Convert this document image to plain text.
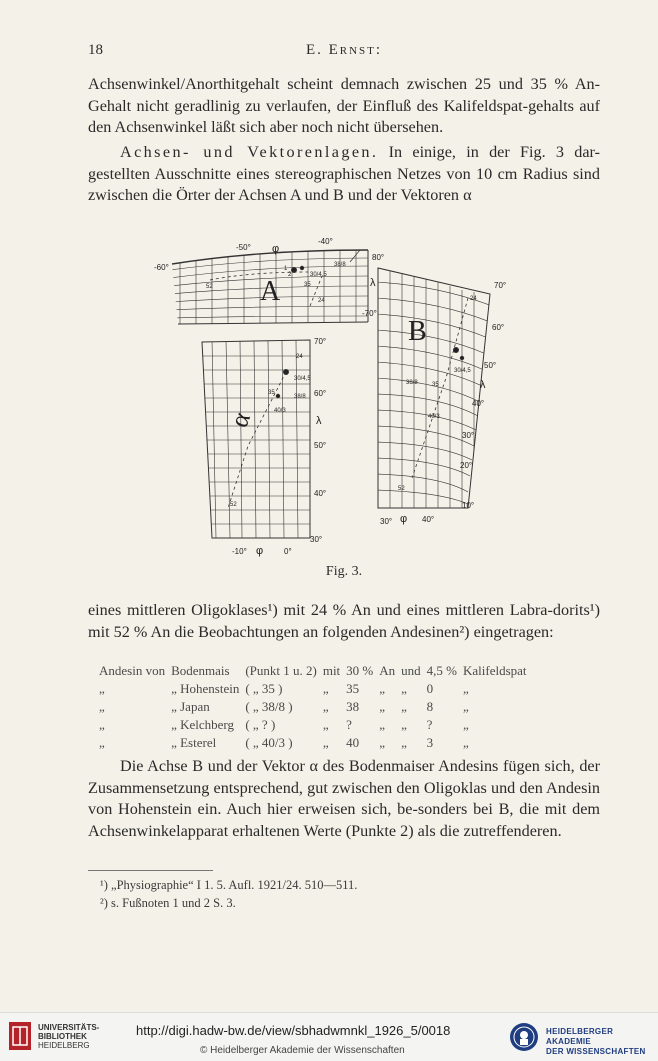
18	E. Ernst:
Achsenwinkel/Anorthitgehalt scheint demnach zwischen 25 und 35 % An-Gehalt nicht geradlinig zu verlaufen, der Einfluß des Kalifeldspat-gehalts auf den Achsenwinkel läßt sich aber noch nicht übersehen.
Achsen- und Vektorenlagen. In einige, in der Fig. 3 dar-gestellten Ausschnitte eines stereographischen Netzes von 10 cm Radius sind zwischen die Örter der Achsen A und B und der Vektoren α
-50° φ
-40°
-60°
80°
λ
-70°
38/8
30/4,5
35
24
52
1
2
A
70°
24
30/4,5
35
38/8
40/3
60°
λ
50°
40°
52
30°
-10° φ	0°
α
70°
24
60°
30/4,5
50°
38/8 35	λ
40°
40/3
30°
20°
52
10°
30° φ 40°
B
Fig. 3.
eines mittleren Oligoklases¹) mit 24 % An und eines mittleren Labra-dorits¹) mit 52 % An die Beobachtungen an folgenden Andesinen²) eingetragen:
Andesin von	Bodenmais	(Punkt 1 u. 2)	mit	30 %	An	und	4,5 %	Kalifeldspat
„	„ Hohenstein	( „ 35 )	„	35	„	„	0	„
„	„ Japan	( „ 38/8 )	„	38	„	„	8	„
„	„ Kelchberg	( „ ? )	„	?	„	„	?	„
„	„ Esterel	( „ 40/3 )	„	40	„	„	3	„
Die Achse B und der Vektor α des Bodenmaiser Andesins fügen sich, der Zusammensetzung entsprechend, gut zwischen den Oligoklas und den Andesin von Hohenstein ein. Auch hier erweisen sich, be-sonders bei B, die mit dem Achsenwinkelapparat erhaltenen Werte (Punkte 2) als die zutreffenderen.
¹) „Physiographie“ I 1. 5. Aufl. 1921/24. 510—511.
²) s. Fußnoten 1 und 2 S. 3.
UNIVERSITÄTS-
BIBLIOTHEK
HEIDELBERG
http://digi.hadw-bw.de/view/sbhadwmnkl_1926_5/0018
© Heidelberger Akademie der Wissenschaften
HEIDELBERGER AKADEMIE
DER WISSENSCHAFTEN
